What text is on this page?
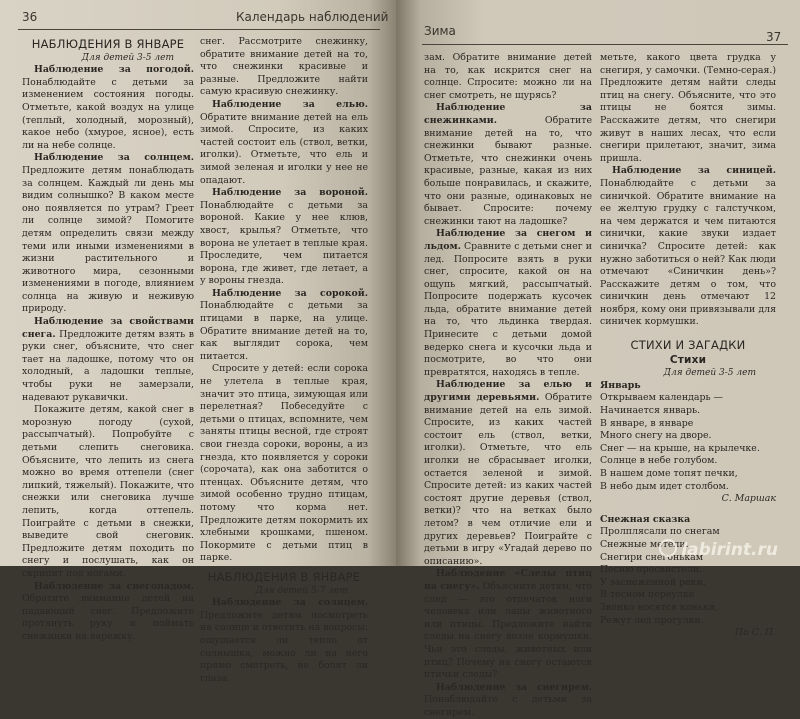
36	Календарь наблюдений
НАБЛЮДЕНИЯ В ЯНВАРЕ
Для детей 3-5 лет

Наблюдение за погодой. Понаблюдайте с детьми за изменением состояния погоды. Отметьте, какой воздух на улице (теплый, холодный, морозный), какое небо (хмурое, ясное), есть ли на небе солнце.

Наблюдение за солнцем. Предложите детям понаблюдать за солнцем. Каждый ли день мы видим солнышко? В каком месте оно появляется по утрам? Греет ли солнце зимой? Помогите детям определить связи между теми или иными изменениями в жизни растительного и животного мира, сезонными изменениями в погоде, влиянием солнца на живую и неживую природу.

Наблюдение за свойствами снега. Предложите детям взять в руки снег, объясните, что снег тает на ладошке, потому что он холодный, а ладошки теплые, чтобы руки не замерзали, надевают рукавички.

Покажите детям, какой снег в морозную погоду (сухой, рассыпчатый). Попробуйте с детьми слепить снеговика. Объясните, что лепить из снега можно во время оттепели (снег липкий, тяжелый). Покажите, что снежки или снеговика лучше лепить, когда оттепель. Поиграйте с детьми в снежки, выведите свой снеговик. Предложите детям походить по снегу и послушать, как он скрипит под ногами.

Наблюдение за снегопадом. Обратите внимание детей на падающий снег. Предложите протянуть руку и поймать снежинки на варежку.

снег. Рассмотрите снежинку, обратите внимание детей на то, что снежинки красивые и разные. Предложите найти самую красивую снежинку.

Наблюдение за елью. Обратите внимание детей на ель зимой. Спросите, из каких частей состоит ель (ствол, ветки, иголки). Отметьте, что ель и зимой зеленая и иголки у нее не опадают.

Наблюдение за вороной. Понаблюдайте с детьми за вороной. Какие у нее клюв, хвост, крылья? Отметьте, что ворона не улетает в теплые края. Проследите, чем питается ворона, где живет, где летает, а у вороны гнезда.

Наблюдение за сорокой. Понаблюдайте с детьми за птицами в парке, на улице. Обратите внимание детей на то, как выглядит сорока, чем питается.

Спросите у детей: если сорока не улетела в теплые края, значит это птица, зимующая или перелетная? Побеседуйте с детьми о птицах, вспомните, чем заняты птицы весной, где строят свои гнезда сороки, вороны, а из гнезда, кто появляется у сороки (сорочата), как она заботится о птенцах. Объясните детям, что зимой особенно трудно птицам, потому что корма нет. Предложите детям покормить их хлебными крошками, пшеном. Покормите с детьми птиц в парке.

НАБЛЮДЕНИЯ В ЯНВАРЕ
Для детей 5-7 лет

Наблюдение за солнцем. Предложите детям посмотреть на солнце и ответить на вопросы: ощущается ли тепло от солнышка, можно ли на него прямо смотреть, не болят ли глаза.

Зима	37

зам. Обратите внимание детей на то, как искрится снег на солнце. Спросите: можно ли на снег смотреть, не щурясь?

Наблюдение за снежинками.	Обратите внимание детей на то, что снежинки бывают разные. Отметьте, что снежинки очень красивые, разные, какая из них больше понравилась, и скажите, что они разные, одинаковых не бывает. Спросите: почему снежинки тают на ладошке?

Наблюдение за снегом и льдом. Сравните с детьми снег и лед. Попросите взять в руки снег, спросите, какой он на ощупь мягкий, рассыпчатый. Попросите подержать кусочек льда, обратите внимание детей на то, что льдинка твердая. Принесите с детьми домой ведерко снега и кусочки льда и посмотрите, во что они превратятся, находясь в тепле.

Наблюдение за елью и другими деревьями. Обратите внимание детей на ель зимой. Спросите, из каких частей состоит ель (ствол, ветки, иголки). Отметьте, что ель иголки не сбрасывает иголки, остается зеленой и зимой. Спросите детей: из каких частей состоят другие деревья (ствол, ветки)? что на ветках было летом? в чем отличие ели и других деревьев? Поиграйте с детьми в игру «Угадай дерево по описанию».

Наблюдение «Следы птиц на снегу». Объясните детям, что след — это отпечаток ноги человека или лапы животного или птицы. Предложите найти следы на снегу возле кормушки. Чьи это следы, животных или птиц? Почему на снегу остаются птичьи следы?

Наблюдение за снегирем. Понаблюдайте с детьми за снегирем.

метьте, какого цвета грудка у снегиря, у самочки. (Темно-серая.) Предложите детям найти следы птиц на снегу. Объясните, что это птицы не боятся зимы. Расскажите детям, что снегири живут в наших лесах, что если снегири прилетают, значит, зима пришла.

Наблюдение за синицей. Понаблюдайте с детьми за синичкой. Обратите внимание на ее желтую грудку с галстучком, на чем держатся и чем питаются синички, какие звуки издает синичка? Спросите детей: как нужно заботиться о ней? Как люди отмечают «Синичкин день»? Расскажите детям о том, что синичкин день отмечают 12 ноября, кому они привязывали для синичек кормушки.

СТИХИ И ЗАГАДКИ
Стихи
Для детей 3-5 лет
Январь
Открываем календарь —
Начинается январь.
В январе, в январе
Много снегу на дворе.
Снег — на крыше, на крылечке.
Солнце в небе голубом.
В нашем доме топят печки,
В небо дым идет столбом.
С. Маршак
Снежная сказка
Пролплясали по снегам
Снежные метели.
Снегири снегонькам
Песню просвистели.
У заснеженной реки,
В тесном переулке
Звонко носятся коньки,
Режут лед прогулки.
По С. П.
labirint.ru
